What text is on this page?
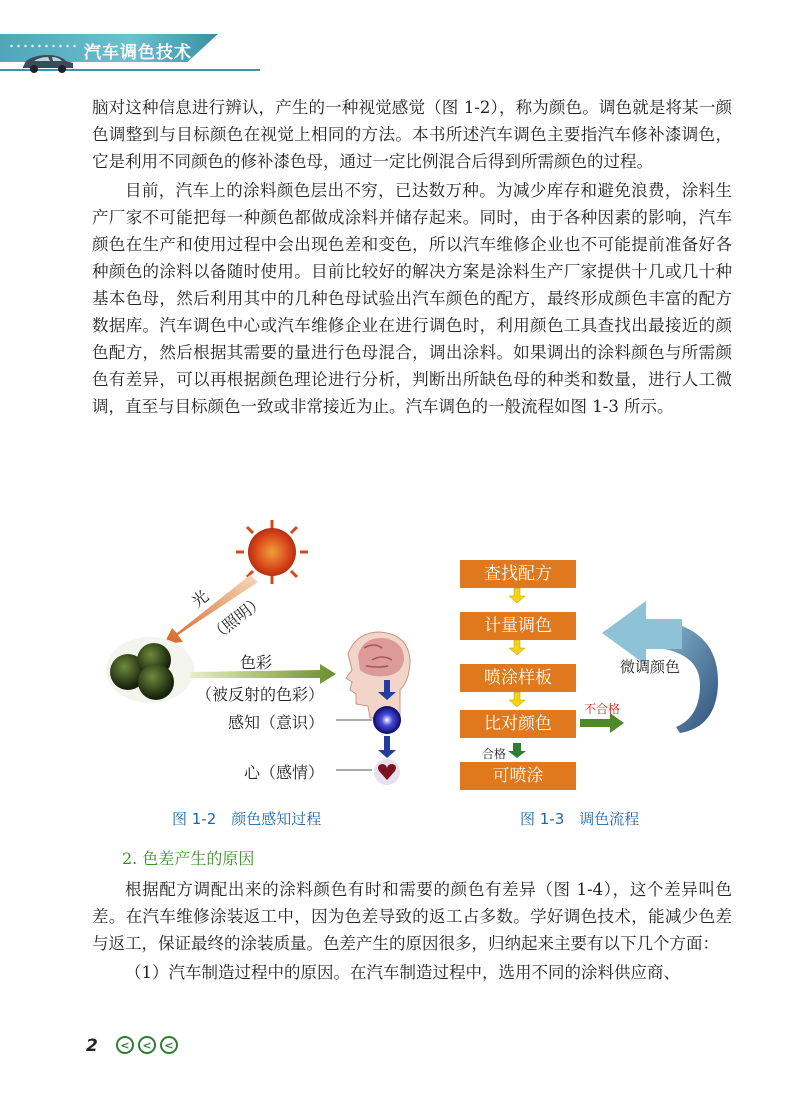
汽车调色技术

脑对这种信息进行辨认，产生的一种视觉感觉（图 1-2），称为颜色。调色就是将某一颜色调整到与目标颜色在视觉上相同的方法。本书所述汽车调色主要指汽车修补漆调色，它是利用不同颜色的修补漆色母，通过一定比例混合后得到所需颜色的过程。

目前，汽车上的涂料颜色层出不穷，已达数万种。为减少库存和避免浪费，涂料生产厂家不可能把每一种颜色都做成涂料并储存起来。同时，由于各种因素的影响，汽车颜色在生产和使用过程中会出现色差和变色，所以汽车维修企业也不可能提前准备好各种颜色的涂料以备随时使用。目前比较好的解决方案是涂料生产厂家提供十几或几十种基本色母，然后利用其中的几种色母试验出汽车颜色的配方，最终形成颜色丰富的配方数据库。汽车调色中心或汽车维修企业在进行调色时，利用颜色工具查找出最接近的颜色配方，然后根据其需要的量进行色母混合，调出涂料。如果调出的涂料颜色与所需颜色有差异，可以再根据颜色理论进行分析，判断出所缺色母的种类和数量，进行人工微调，直至与目标颜色一致或非常接近为止。汽车调色的一般流程如图 1-3 所示。

光
（照明）
色彩
（被反射的色彩）
感知（意识）
心（感情）
图 1-2　颜色感知过程
查找配方
计量调色
喷涂样板
比对颜色
可喷涂
不合格
合格
微调颜色
图 1-3　调色流程
2. 色差产生的原因

根据配方调配出来的涂料颜色有时和需要的颜色有差异（图 1-4），这个差异叫色差。在汽车维修涂装返工中，因为色差导致的返工占多数。学好调色技术，能减少色差与返工，保证最终的涂装质量。色差产生的原因很多，归纳起来主要有以下几个方面：

（1）汽车制造过程中的原因。在汽车制造过程中，选用不同的涂料供应商、

2	<	<	<
